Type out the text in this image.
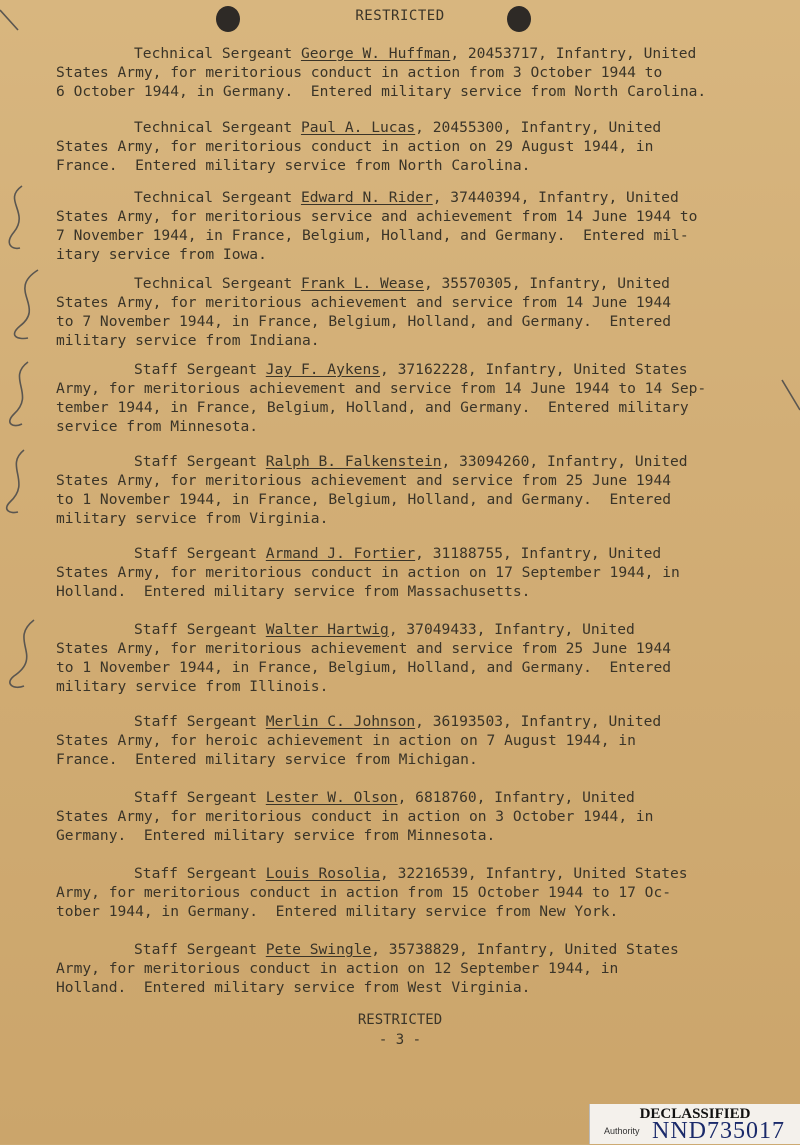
RESTRICTED
Technical Sergeant George W. Huffman, 20453717, Infantry, United
States Army, for meritorious conduct in action from 3 October 1944 to
6 October 1944, in Germany.  Entered military service from North Carolina.
Technical Sergeant Paul A. Lucas, 20455300, Infantry, United
States Army, for meritorious conduct in action on 29 August 1944, in
France.  Entered military service from North Carolina.
Technical Sergeant Edward N. Rider, 37440394, Infantry, United
States Army, for meritorious service and achievement from 14 June 1944 to
7 November 1944, in France, Belgium, Holland, and Germany.  Entered mil-
itary service from Iowa.
Technical Sergeant Frank L. Wease, 35570305, Infantry, United
States Army, for meritorious achievement and service from 14 June 1944
to 7 November 1944, in France, Belgium, Holland, and Germany.  Entered
military service from Indiana.
Staff Sergeant Jay F. Aykens, 37162228, Infantry, United States
Army, for meritorious achievement and service from 14 June 1944 to 14 Sep-
tember 1944, in France, Belgium, Holland, and Germany.  Entered military
service from Minnesota.
Staff Sergeant Ralph B. Falkenstein, 33094260, Infantry, United
States Army, for meritorious achievement and service from 25 June 1944
to 1 November 1944, in France, Belgium, Holland, and Germany.  Entered
military service from Virginia.
Staff Sergeant Armand J. Fortier, 31188755, Infantry, United
States Army, for meritorious conduct in action on 17 September 1944, in
Holland.  Entered military service from Massachusetts.
Staff Sergeant Walter Hartwig, 37049433, Infantry, United
States Army, for meritorious achievement and service from 25 June 1944
to 1 November 1944, in France, Belgium, Holland, and Germany.  Entered
military service from Illinois.
Staff Sergeant Merlin C. Johnson, 36193503, Infantry, United
States Army, for heroic achievement in action on 7 August 1944, in
France.  Entered military service from Michigan.
Staff Sergeant Lester W. Olson, 6818760, Infantry, United
States Army, for meritorious conduct in action on 3 October 1944, in
Germany.  Entered military service from Minnesota.
Staff Sergeant Louis Rosolia, 32216539, Infantry, United States
Army, for meritorious conduct in action from 15 October 1944 to 17 Oc-
tober 1944, in Germany.  Entered military service from New York.
Staff Sergeant Pete Swingle, 35738829, Infantry, United States
Army, for meritorious conduct in action on 12 September 1944, in
Holland.  Entered military service from West Virginia.
RESTRICTED
- 3 -
DECLASSIFIED
Authority NND735017
